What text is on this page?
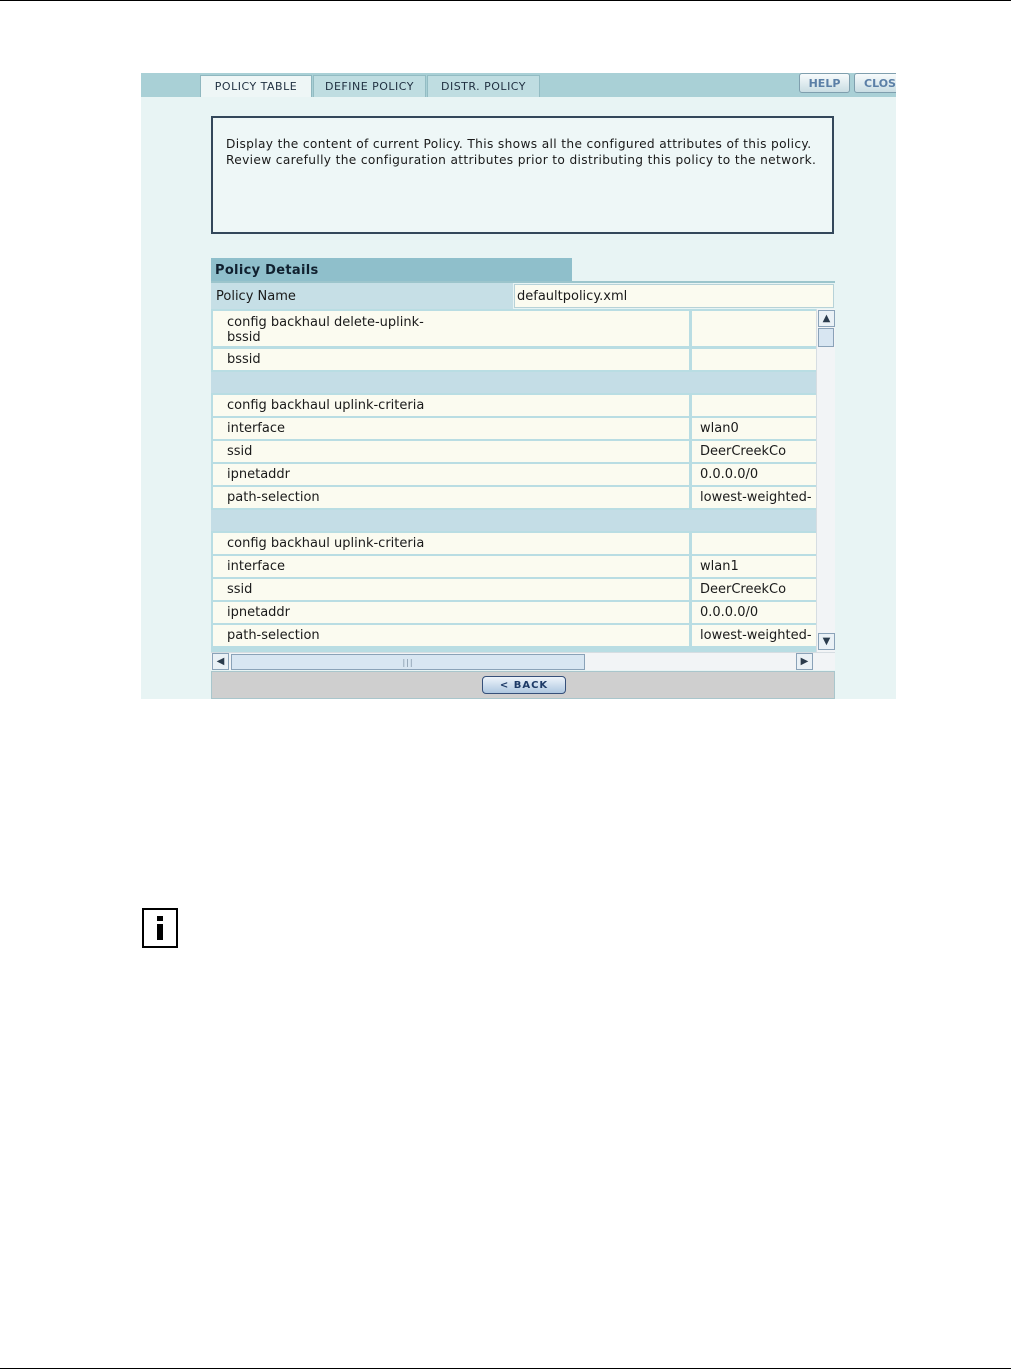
POLICY TABLE	DEFINE POLICY	DISTR. POLICY	HELP	CLOS
Display the content of current Policy. This shows all the configured attributes of this policy. Review carefully the configuration attributes prior to distributing this policy to the network.
Policy Details
Policy Name	defaultpolicy.xml
config backhaul delete-uplink-
bssid
bssid
config backhaul uplink-criteria
interface	wlan0
ssid	DeerCreekCo
ipnetaddr	0.0.0.0/0
path-selection	lowest-weighted-
config backhaul uplink-criteria
interface	wlan1
ssid	DeerCreekCo
ipnetaddr	0.0.0.0/0
path-selection	lowest-weighted-
▲
▼
◀	|||	▶
< BACK
